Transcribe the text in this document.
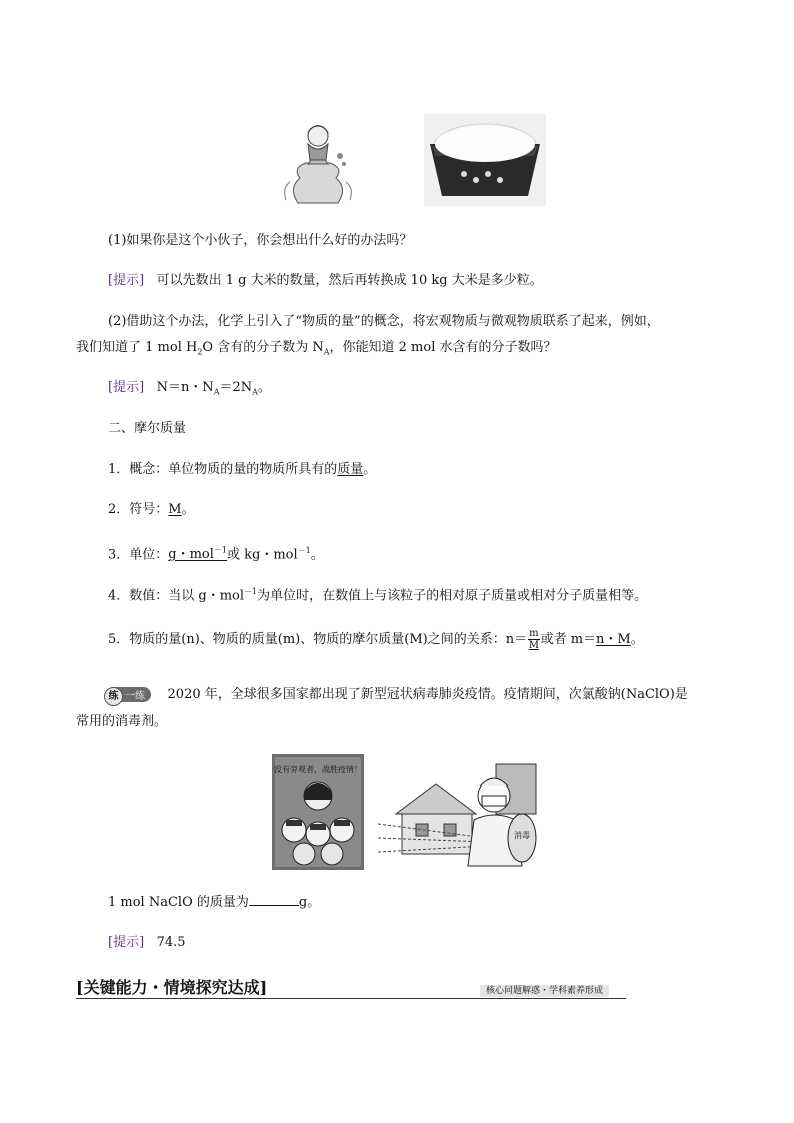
(1)如果你是这个小伙子，你会想出什么好的办法吗？
[提示] 可以先数出 1 g 大米的数量，然后再转换成 10 kg 大米是多少粒。
(2)借助这个办法，化学上引入了“物质的量”的概念，将宏观物质与微观物质联系了起来，例如，
我们知道了 1 mol $H_2O$ 含有的分子数为 $N_A$，你能知道 2 mol 水含有的分子数吗？
[提示] N＝n・$N_A=2N_A$。
二、摩尔质量
1．概念：单位物质的量的物质所具有的质量。
2．符号：M。
3．单位：g・mol$^{-1}$或 kg・mol$^{-1}$。
4．数值：当以 g・mol$^{-1}$为单位时，在数值上与该粒子的相对原子质量或相对分子质量相等。
5．物质的量(n)、物质的质量(m)、物质的摩尔质量(M)之间的关系：$n= \frac{m}{M}$ 或者 m＝n・M。
练 一练 2020 年，全球很多国家都出现了新型冠状病毒肺炎疫情。疫情期间，次氯酸钠(NaClO)是
常用的消毒剂。
没有旁观者，战胜疫情！
消毒
1 mol NaClO 的质量为	g。
[提示] 74.5
[关键能力・情境探究达成]	核心问题解惑・学科素养形成
